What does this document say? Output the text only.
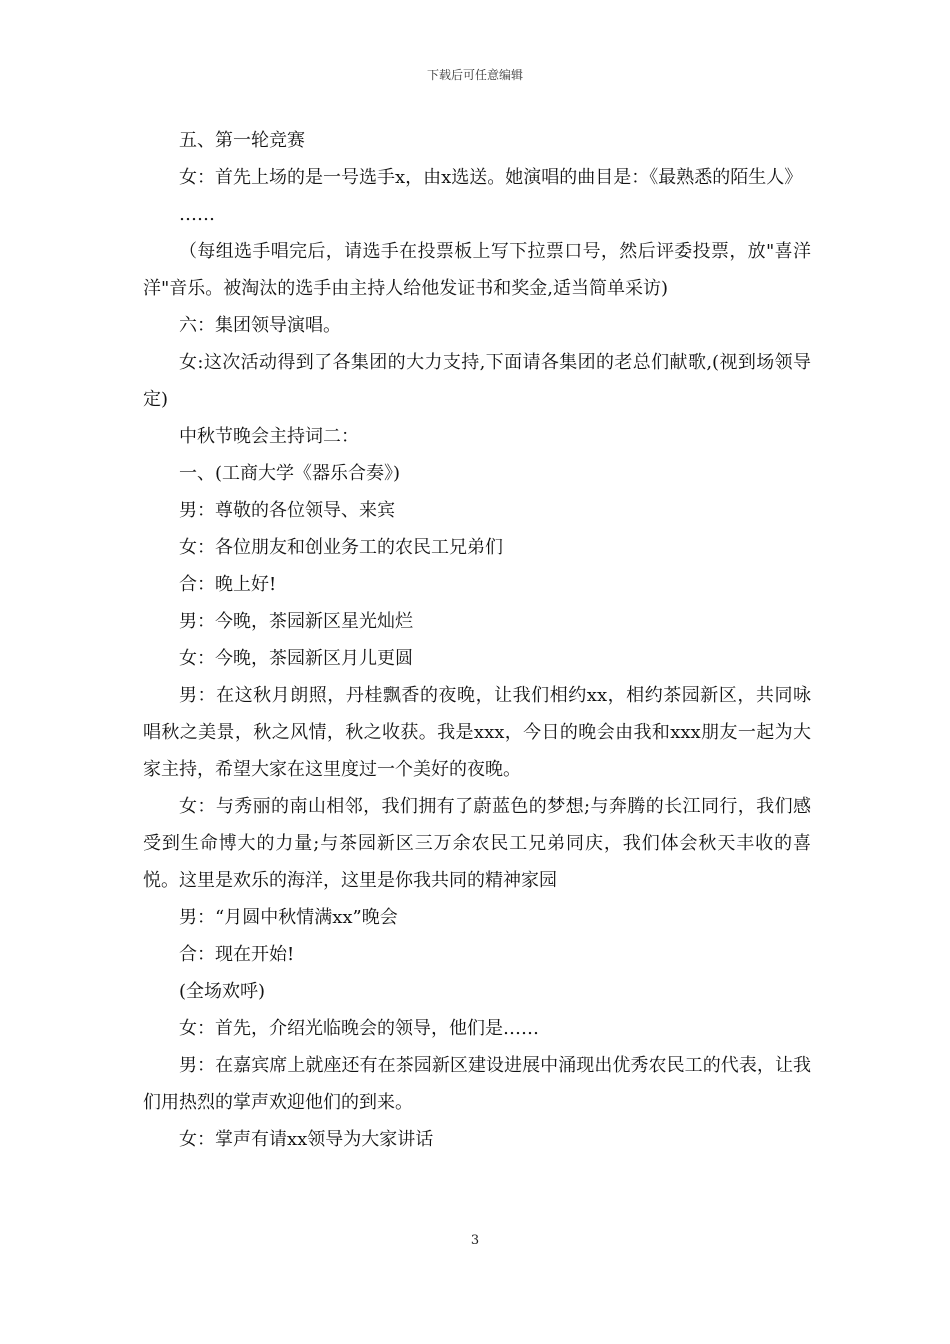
下载后可任意编辑

五、第一轮竞赛

女：首先上场的是一号选手x，由x选送。她演唱的曲目是：《最熟悉的陌生人》

……

（每组选手唱完后，请选手在投票板上写下拉票口号，然后评委投票，放"喜洋洋"音乐。被淘汰的选手由主持人给他发证书和奖金,适当简单采访)

六：集团领导演唱。

女:这次活动得到了各集团的大力支持,下面请各集团的老总们献歌,(视到场领导定)

中秋节晚会主持词二：

一、(工商大学《器乐合奏》)

男：尊敬的各位领导、来宾

女：各位朋友和创业务工的农民工兄弟们

合：晚上好!

男：今晚，茶园新区星光灿烂

女：今晚，茶园新区月儿更圆

男：在这秋月朗照，丹桂飘香的夜晚，让我们相约xx，相约茶园新区，共同咏唱秋之美景，秋之风情，秋之收获。我是xxx，今日的晚会由我和xxx朋友一起为大家主持，希望大家在这里度过一个美好的夜晚。

女：与秀丽的南山相邻，我们拥有了蔚蓝色的梦想;与奔腾的长江同行，我们感受到生命博大的力量;与茶园新区三万余农民工兄弟同庆，我们体会秋天丰收的喜悦。这里是欢乐的海洋，这里是你我共同的精神家园

男：“月圆中秋情满xx”晚会

合：现在开始!

(全场欢呼)

女：首先，介绍光临晚会的领导，他们是……

男：在嘉宾席上就座还有在茶园新区建设进展中涌现出优秀农民工的代表，让我们用热烈的掌声欢迎他们的到来。

女：掌声有请xx领导为大家讲话

3
